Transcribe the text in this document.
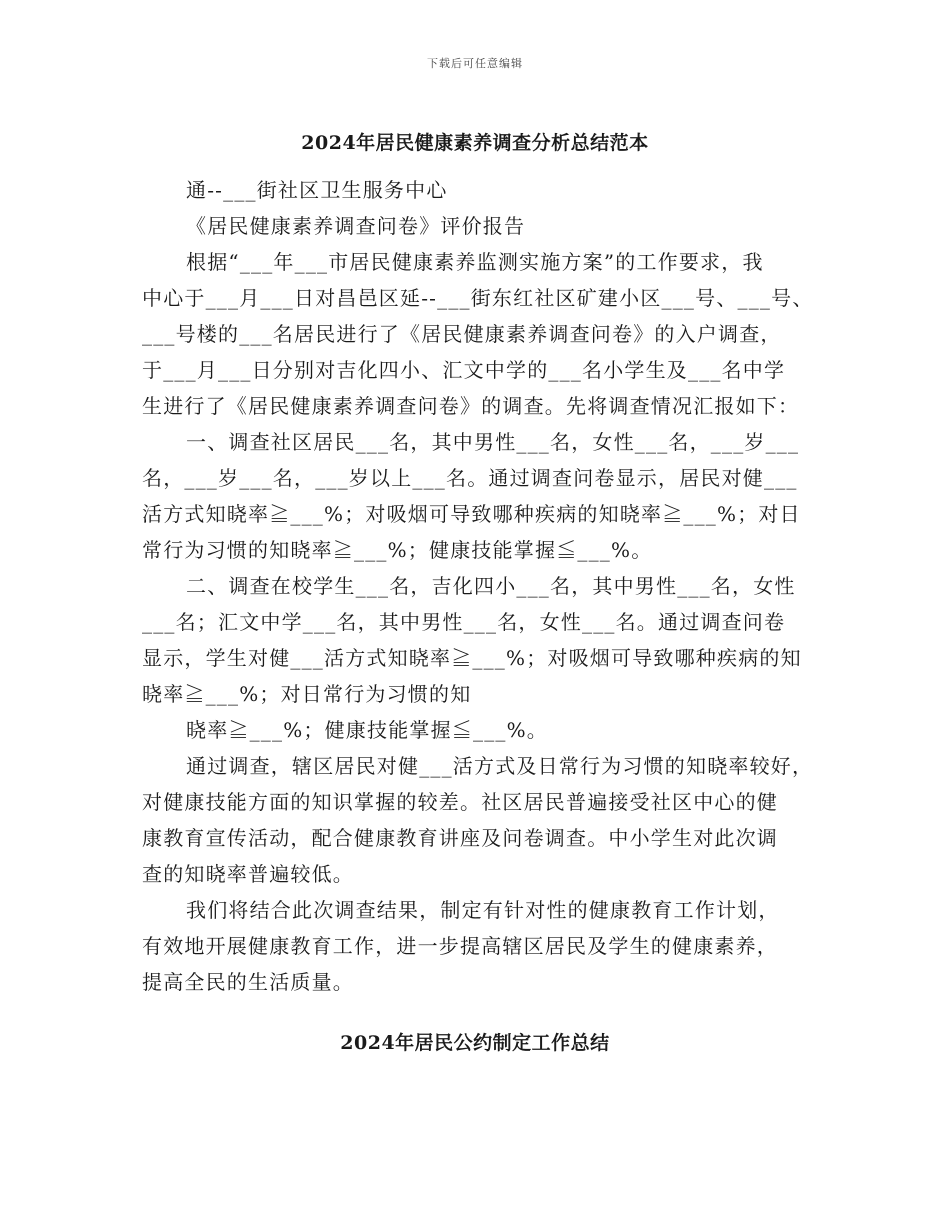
下载后可任意编辑
2024年居民健康素养调查分析总结范本
通--___街社区卫生服务中心
《居民健康素养调查问卷》评价报告
根据“___年___市居民健康素养监测实施方案”的工作要求，我
中心于___月___日对昌邑区延--___街东红社区矿建小区___号、___号、
___号楼的___名居民进行了《居民健康素养调查问卷》的入户调查，
于___月___日分别对吉化四小、汇文中学的___名小学生及___名中学
生进行了《居民健康素养调查问卷》的调查。先将调查情况汇报如下：
一、调查社区居民___名，其中男性___名，女性___名，___岁___
名，___岁___名，___岁以上___名。通过调查问卷显示，居民对健___
活方式知晓率≧___%；对吸烟可导致哪种疾病的知晓率≧___%；对日
常行为习惯的知晓率≧___%；健康技能掌握≦___%。
二、调查在校学生___名，吉化四小___名，其中男性___名，女性
___名；汇文中学___名，其中男性___名，女性___名。通过调查问卷
显示，学生对健___活方式知晓率≧___%；对吸烟可导致哪种疾病的知
晓率≧___%；对日常行为习惯的知
晓率≧___%；健康技能掌握≦___%。
通过调查，辖区居民对健___活方式及日常行为习惯的知晓率较好，
对健康技能方面的知识掌握的较差。社区居民普遍接受社区中心的健
康教育宣传活动，配合健康教育讲座及问卷调查。中小学生对此次调
查的知晓率普遍较低。
我们将结合此次调查结果，制定有针对性的健康教育工作计划，
有效地开展健康教育工作，进一步提高辖区居民及学生的健康素养，
提高全民的生活质量。
2024年居民公约制定工作总结
